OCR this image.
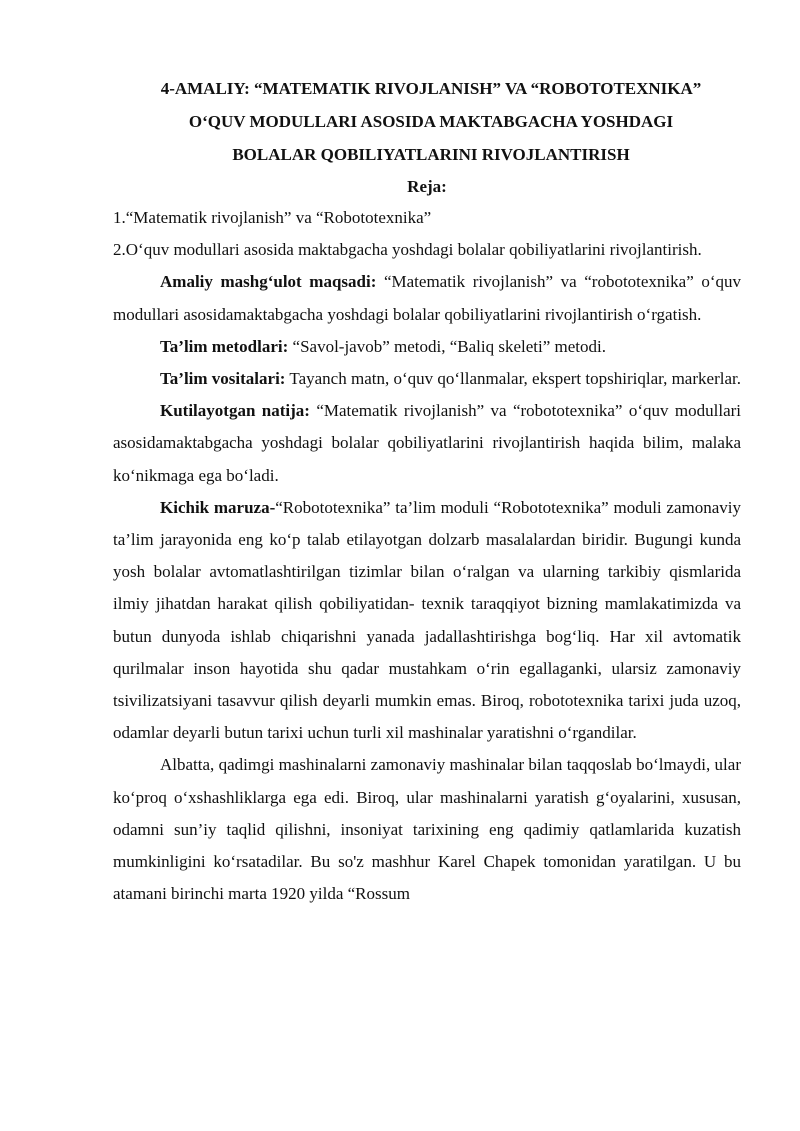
4-AMALIY: “MATEMATIK RIVOJLANISH” VA “ROBOTOTEXNIKA”
O‘QUV MODULLARI ASOSIDA MAKTABGACHA YOSHDAGI
BOLALAR QOBILIYATLARINI RIVOJLANTIRISH
Reja:

1.“Matematik rivojlanish” va “Robototexnika”

2.O‘quv modullari asosida maktabgacha yoshdagi bolalar qobiliyatlarini rivojlantirish.

Amaliy mashg‘ulot maqsadi: “Matematik rivojlanish” va “robototexnika” o‘quv modullari asosidamaktabgacha yoshdagi bolalar qobiliyatlarini rivojlantirish o‘rgatish.

Ta’lim metodlari: “Savol-javob” metodi, “Baliq skeleti” metodi.

Ta’lim vositalari: Tayanch matn, o‘quv qo‘llanmalar, ekspert topshiriqlar, markerlar.

Kutilayotgan natija: “Matematik rivojlanish” va “robototexnika” o‘quv modullari asosidamaktabgacha yoshdagi bolalar qobiliyatlarini rivojlantirish haqida bilim, malaka ko‘nikmaga ega bo‘ladi.

Kichik maruza-“Robototexnika” ta’lim moduli “Robototexnika” moduli zamonaviy ta’lim jarayonida eng ko‘p talab etilayotgan dolzarb masalalardan biridir. Bugungi kunda yosh bolalar avtomatlashtirilgan tizimlar bilan o‘ralgan va ularning tarkibiy qismlarida ilmiy jihatdan harakat qilish qobiliyatidan- texnik taraqqiyot bizning mamlakatimizda va butun dunyoda ishlab chiqarishni yanada jadallashtirishga bog‘liq. Har xil avtomatik qurilmalar inson hayotida shu qadar mustahkam o‘rin egallaganki, ularsiz zamonaviy tsivilizatsiyani tasavvur qilish deyarli mumkin emas. Biroq, robototexnika tarixi juda uzoq, odamlar deyarli butun tarixi uchun turli xil mashinalar yaratishni o‘rgandilar.

Albatta, qadimgi mashinalarni zamonaviy mashinalar bilan taqqoslab bo‘lmaydi, ular ko‘proq o‘xshashliklarga ega edi. Biroq, ular mashinalarni yaratish g‘oyalarini, xususan, odamni sun’iy taqlid qilishni, insoniyat tarixining eng qadimiy qatlamlarida kuzatish mumkinligini ko‘rsatadilar. Bu so'z mashhur Karel Chapek tomonidan yaratilgan. U bu atamani birinchi marta 1920 yilda “Rossum
